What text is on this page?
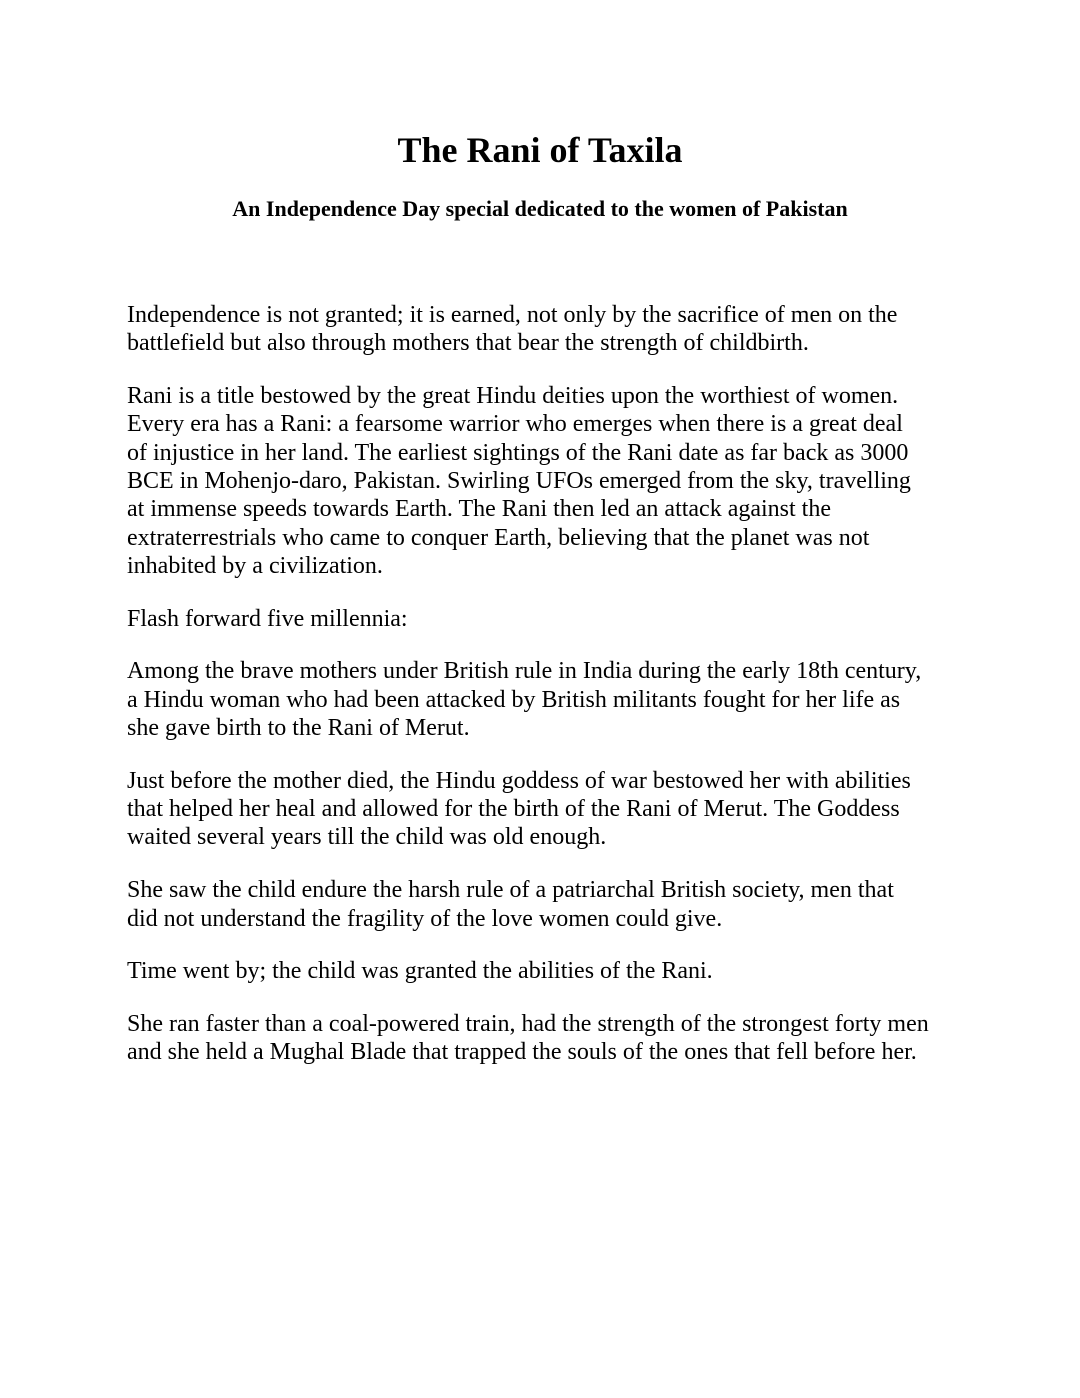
The Rani of Taxila
An Independence Day special dedicated to the women of Pakistan

Independence is not granted; it is earned, not only by the sacrifice of men on the
battlefield but also through mothers that bear the strength of childbirth.

Rani is a title bestowed by the great Hindu deities upon the worthiest of women.
Every era has a Rani: a fearsome warrior who emerges when there is a great deal
of injustice in her land. The earliest sightings of the Rani date as far back as 3000
BCE in Mohenjo-daro, Pakistan. Swirling UFOs emerged from the sky, travelling
at immense speeds towards Earth. The Rani then led an attack against the
extraterrestrials who came to conquer Earth, believing that the planet was not
inhabited by a civilization.

Flash forward five millennia:

Among the brave mothers under British rule in India during the early 18th century,
a Hindu woman who had been attacked by British militants fought for her life as
she gave birth to the Rani of Merut.

Just before the mother died, the Hindu goddess of war bestowed her with abilities
that helped her heal and allowed for the birth of the Rani of Merut. The Goddess
waited several years till the child was old enough.

She saw the child endure the harsh rule of a patriarchal British society, men that
did not understand the fragility of the love women could give.

Time went by; the child was granted the abilities of the Rani.

She ran faster than a coal-powered train, had the strength of the strongest forty men
and she held a Mughal Blade that trapped the souls of the ones that fell before her.
